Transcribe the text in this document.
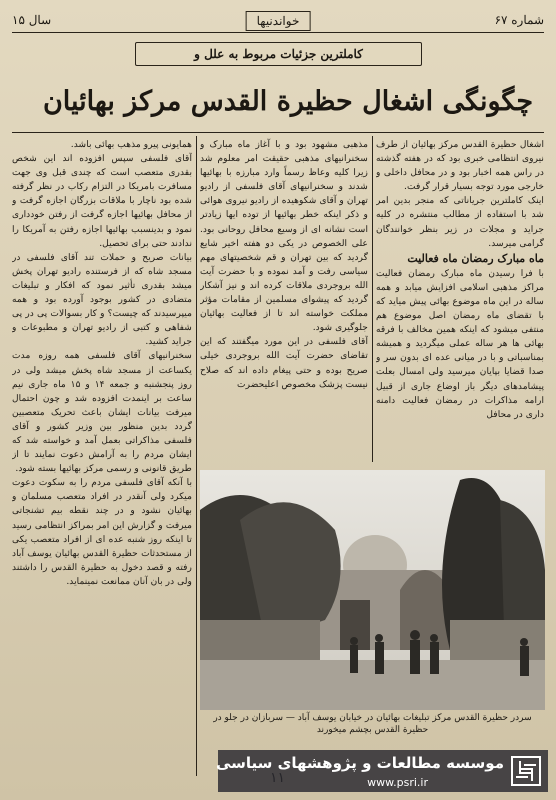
شماره ۶۷
خواندنیها
سال ۱۵
کاملترین جزئیات مربوط به علل و
چگونگی اشغال حظیرة القدس مرکز بهائیان

اشغال حظیرة القدس مرکز بهائیان از طرف نیروی انتظامی خبری بود که در هفته گذشته در راس همه اخبار بود و در محافل داخلی و خارجی مورد توجه بسیار قرار گرفت.

اینک کاملترین جریاناتی که منجر بدین امر شد با استفاده از مطالب منتشره در کلیه جراید و مجلات در زیر بنظر خوانندگان گرامی میرسد.

ماه مبارک رمضان ماه فعالیت

با فرا رسیدن ماه مبارک رمضان فعالیت مراکز مذهبی اسلامی افزایش میابد و همه ساله در این ماه موضوع بهائی پیش میاید که با تقضای ماه رمضان اصل موضوع هم منتفی میشود که اینکه همین مخالف با فرقه بهائی ها هر ساله عملی میگردید و همیشه بمناسباتی و با در میانی عده ای بدون سر و صدا قضایا بپایان میرسید ولی امسال بعلت پیشامدهای دیگر باز اوضاع جاری از قبیل ارامه مذاکرات در رمضان فعالیت دامنه داری در محافل

مذهبی مشهود بود و با آغاز ماه مبارک و سخنرانیهای مذهبی حقیقت امر معلوم شد زیرا کلیه وعاظ رسماً وارد مبارزه با بهائیها شدند و سخنرانیهای آقای فلسفی از رادیو تهران و آقای شکوهیده از رادیو نیروی هوائی و ذکر اینکه خطر بهائیها از توده ایها زیادتر است نشانه ای از وسیع محافل روحانی بود. علی الخصوص در یکی دو هفته اخیر شایع گردید که بین تهران و قم شخصیتهای مهم سیاسی رفت و آمد نموده و با حضرت آیت الله بروجردی ملاقات کرده اند و نیز آشکار گردید که پیشوای مسلمین از مقامات مؤثر مملکت خواسته اند تا از فعالیت بهائیان جلوگیری شود.

آقای فلسفی در این مورد میگفتند که این تقاضای حضرت آیت الله بروجردی خیلی صریح بوده و حتی پیغام داده اند که صلاح نیست پزشک مخصوص اعلیحضرت

همایونی پیرو مذهب بهائی باشد.

آقای فلسفی سپس افزوده اند این شخص بقدری متعصب است که چندی قبل وی جهت مسافرت بامریکا در التزام رکاب در نظر گرفته شده بود ناچار با ملاقات بزرگان اجازه گرفت و از محافل بهائیها اجازه گرفت از رفتن خودداری نمود و بدینسبب بهائیها اجازه رفتن به آمریکا را ندادند حتی برای تحصیل.

بیانات صریح و حملات تند آقای فلسفی در مسجد شاه که از فرستنده رادیو تهران پخش میشد بقدری تأثیر نمود که افکار و تبلیغات متضادی در کشور بوجود آورده بود و همه میپرسیدند که چیست؟ و کار بسوالات پی در پی شفاهی و کتبی از رادیو تهران و مطبوعات و جراید کشید.

سخنرانیهای آقای فلسفی همه روزه مدت یکساعت از مسجد شاه پخش میشد ولی در روز پنجشنبه و جمعه ۱۴ و ۱۵ ماه جاری نیم ساعت بر اینمدت افزوده شد و چون احتمال میرفت بیانات ایشان باعث تحریک متعصبین گردد بدین منظور بین وزیر کشور و آقای فلسفی مذاکراتی بعمل آمد و خواسته شد که ایشان مردم را به آرامش دعوت نمایند تا از طریق قانونی و رسمی مرکز بهائیها بسته شود.

با آنکه آقای فلسفی مردم را به سکوت دعوت میکرد ولی آنقدر در افراد متعصب مسلمان و بهائیان نشود و در چند نقطه بیم تشنجاتی میرفت و گزارش این امر بمراکز انتظامی رسید تا اینکه روز شنبه عده ای از افراد متعصب یکی از مستحدثات حظیرة القدس بهائیان یوسف آباد رفته و قصد دخول به حظیرة القدس را داشتند ولی در بان آنان ممانعت نمینماید.

سردر حظیرة القدس مرکز تبلیغات بهائیان در خیابان یوسف آباد — سربازان در جلو در حظیرة القدس بچشم میخورند
موسسه مطالعات و پژوهشهای سیاسی
www.psri.ir
